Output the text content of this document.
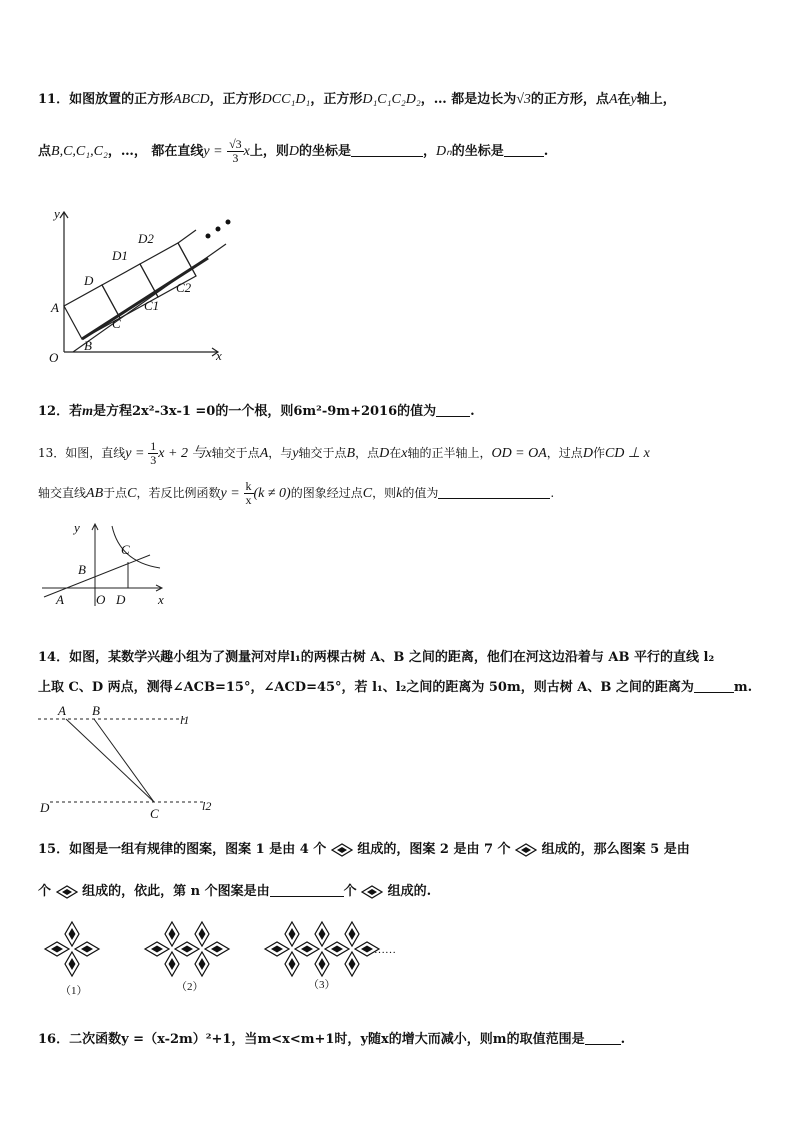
11．如图放置的正方形ABCD，正方形DCC₁D₁，正方形D₁C₁C₂D₂，… 都是边长为√3的正方形，点A在y轴上，
点B,C,C₁,C₂，…， 都在直线$y = \frac{√3}{3}$ x上，则D的坐标是	，Dₙ的坐标是	.
y
x
O
A
B
C
D
D1
C1
D2
C2
12．若m是方程2x²-3x-1 =0的一个根，则6m²-9m+2016的值为	.
13．如图，直线$y = \frac{1}{3}$ x + 2 与x轴交于点A，与y轴交于点B，点D在x轴的正半轴上，OD = OA，过点D作CD ⊥ x
轴交直线AB于点C，若反比例函数$y = \frac{k}{x} (k \ne 0)$的图象经过点C，则k的值为	.
C
B
A O D	x
y
14．如图，某数学兴趣小组为了测量河对岸l₁的两棵古树 A、B 之间的距离，他们在河这边沿着与 AB 平行的直线 l₂
上取 C、D 两点，测得∠ACB=15°，∠ACD=45°，若 l₁、l₂之间的距离为 50m，则古树 A、B 之间的距离为	m.
A B
l1
D	C	l2
15．如图是一组有规律的图案，图案 1 是由 4 个 组成的，图案 2 是由 7 个 组成的，那么图案 5 是由
个 组成的，依此，第 n 个图案是由	个 组成的.
……
（1）	（2）	（3）
16．二次函数y =（x-2m）²+1，当m<x<m+1时，y随x的增大而减小，则m的取值范围是	.
